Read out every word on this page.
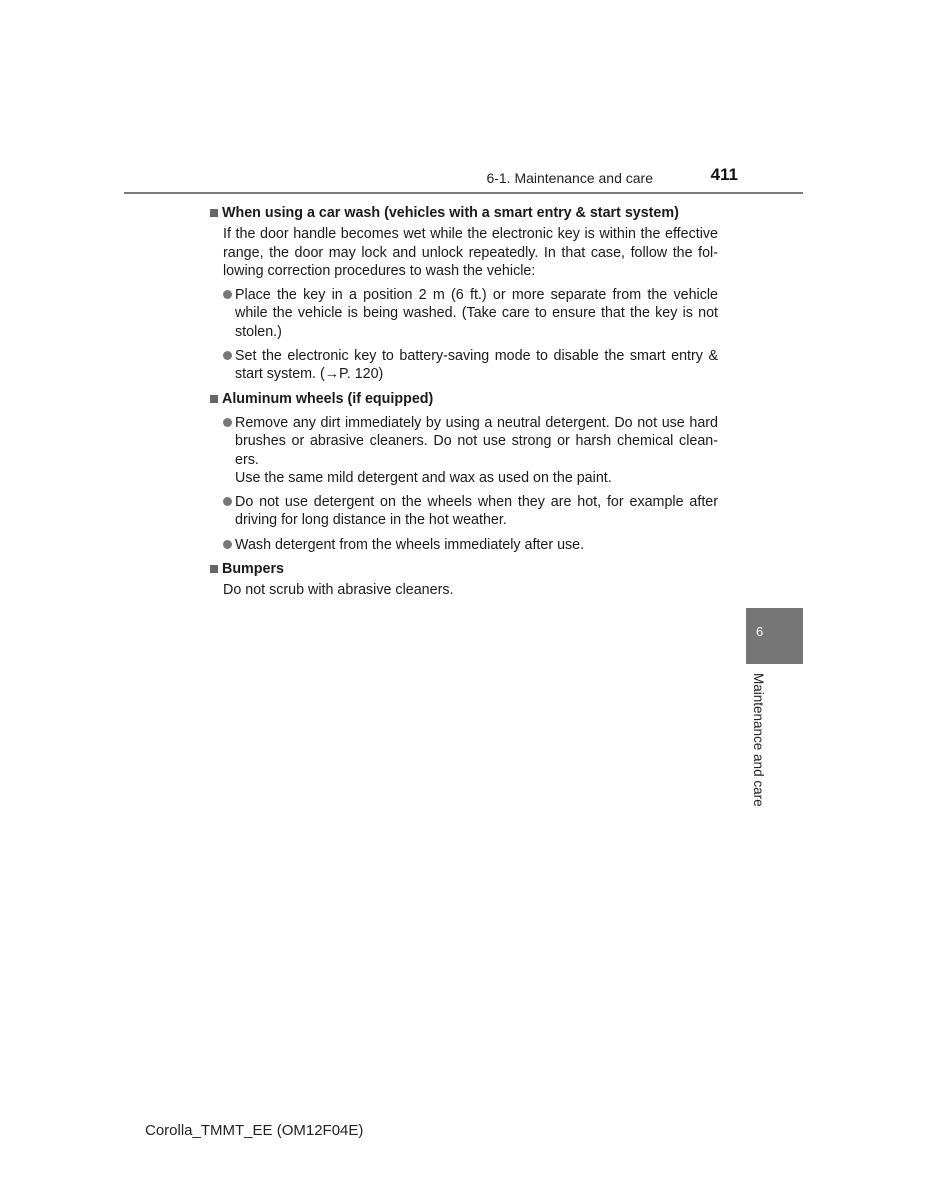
6-1. Maintenance and care	411
When using a car wash (vehicles with a smart entry & start system)
If the door handle becomes wet while the electronic key is within the effective range, the door may lock and unlock repeatedly. In that case, follow the fol-lowing correction procedures to wash the vehicle:
Place the key in a position 2 m (6 ft.) or more separate from the vehicle while the vehicle is being washed. (Take care to ensure that the key is not stolen.)
Set the electronic key to battery-saving mode to disable the smart entry & start system. (→P. 120)
Aluminum wheels (if equipped)
Remove any dirt immediately by using a neutral detergent. Do not use hard brushes or abrasive cleaners. Do not use strong or harsh chemical clean-ers.
Use the same mild detergent and wax as used on the paint.
Do not use detergent on the wheels when they are hot, for example after driving for long distance in the hot weather.
Wash detergent from the wheels immediately after use.
Bumpers
Do not scrub with abrasive cleaners.
6
Maintenance and care
Corolla_TMMT_EE (OM12F04E)
